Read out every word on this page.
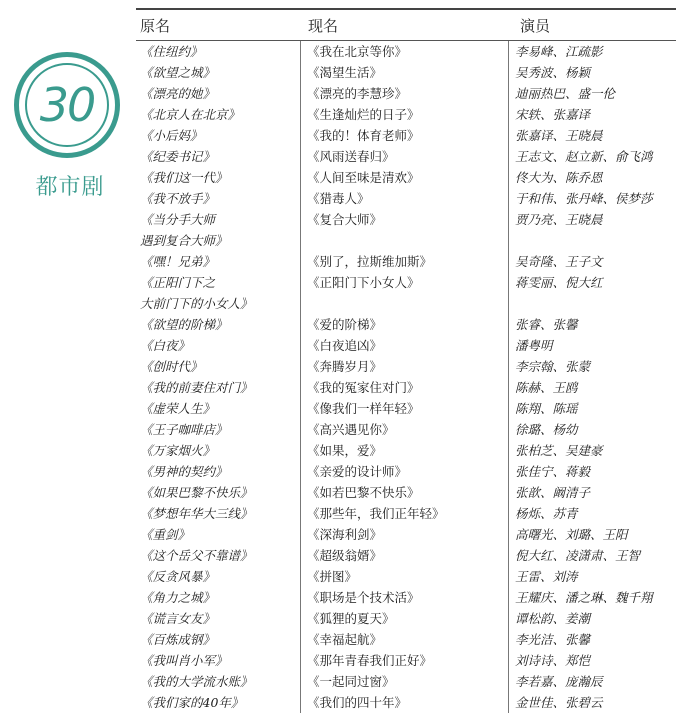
30
都市剧
原名	现名	演员
《住纽约》	《我在北京等你》	李易峰、江疏影
《欲望之城》	《渴望生活》	吴秀波、杨颖
《漂亮的她》	《漂亮的李慧珍》	迪丽热巴、盛一伦
《北京人在北京》	《生逢灿烂的日子》	宋轶、张嘉译
《小后妈》	《我的！体育老师》	张嘉译、王晓晨
《纪委书记》	《风雨送春归》	王志文、赵立新、俞飞鸿
《我们这一代》	《人间至味是清欢》	佟大为、陈乔恩
《我不放手》	《猎毒人》	于和伟、张丹峰、侯梦莎
《当分手大师	《复合大师》	贾乃亮、王晓晨
遇到复合大师》
《嘿！兄弟》	《别了，拉斯维加斯》	吴奇隆、王子文
《正阳门下之	《正阳门下小女人》	蒋雯丽、倪大红
大前门下的小女人》
《欲望的阶梯》	《爱的阶梯》	张睿、张馨
《白夜》	《白夜追凶》	潘粤明
《创时代》	《奔腾岁月》	李宗翰、张蒙
《我的前妻住对门》	《我的冤家住对门》	陈赫、王鸥
《虚荣人生》	《像我们一样年轻》	陈翔、陈瑶
《王子咖啡店》	《高兴遇见你》	徐璐、杨幼
《万家烟火》	《如果，爱》	张柏芝、吴建豪
《男神的契约》	《亲爱的设计师》	张佳宁、蒋毅
《如果巴黎不快乐》	《如若巴黎不快乐》	张歆、阚清子
《梦想年华大三线》	《那些年，我们正年轻》	杨烁、苏青
《重剑》	《深海利剑》	高曙光、刘璐、王阳
《这个岳父不靠谱》	《超级翁婿》	倪大红、凌潇肃、王智
《反贪风暴》	《拼图》	王雷、刘涛
《角力之城》	《职场是个技术活》	王耀庆、潘之琳、魏千翔
《谎言女友》	《狐狸的夏天》	谭松韵、姜潮
《百炼成钢》	《幸福起航》	李光洁、张馨
《我叫肖小军》	《那年青春我们正好》	刘诗诗、郑恺
《我的大学流水账》	《一起同过窗》	李若嘉、庞瀚辰
《我们家的40年》	《我们的四十年》	金世佳、张碧云
